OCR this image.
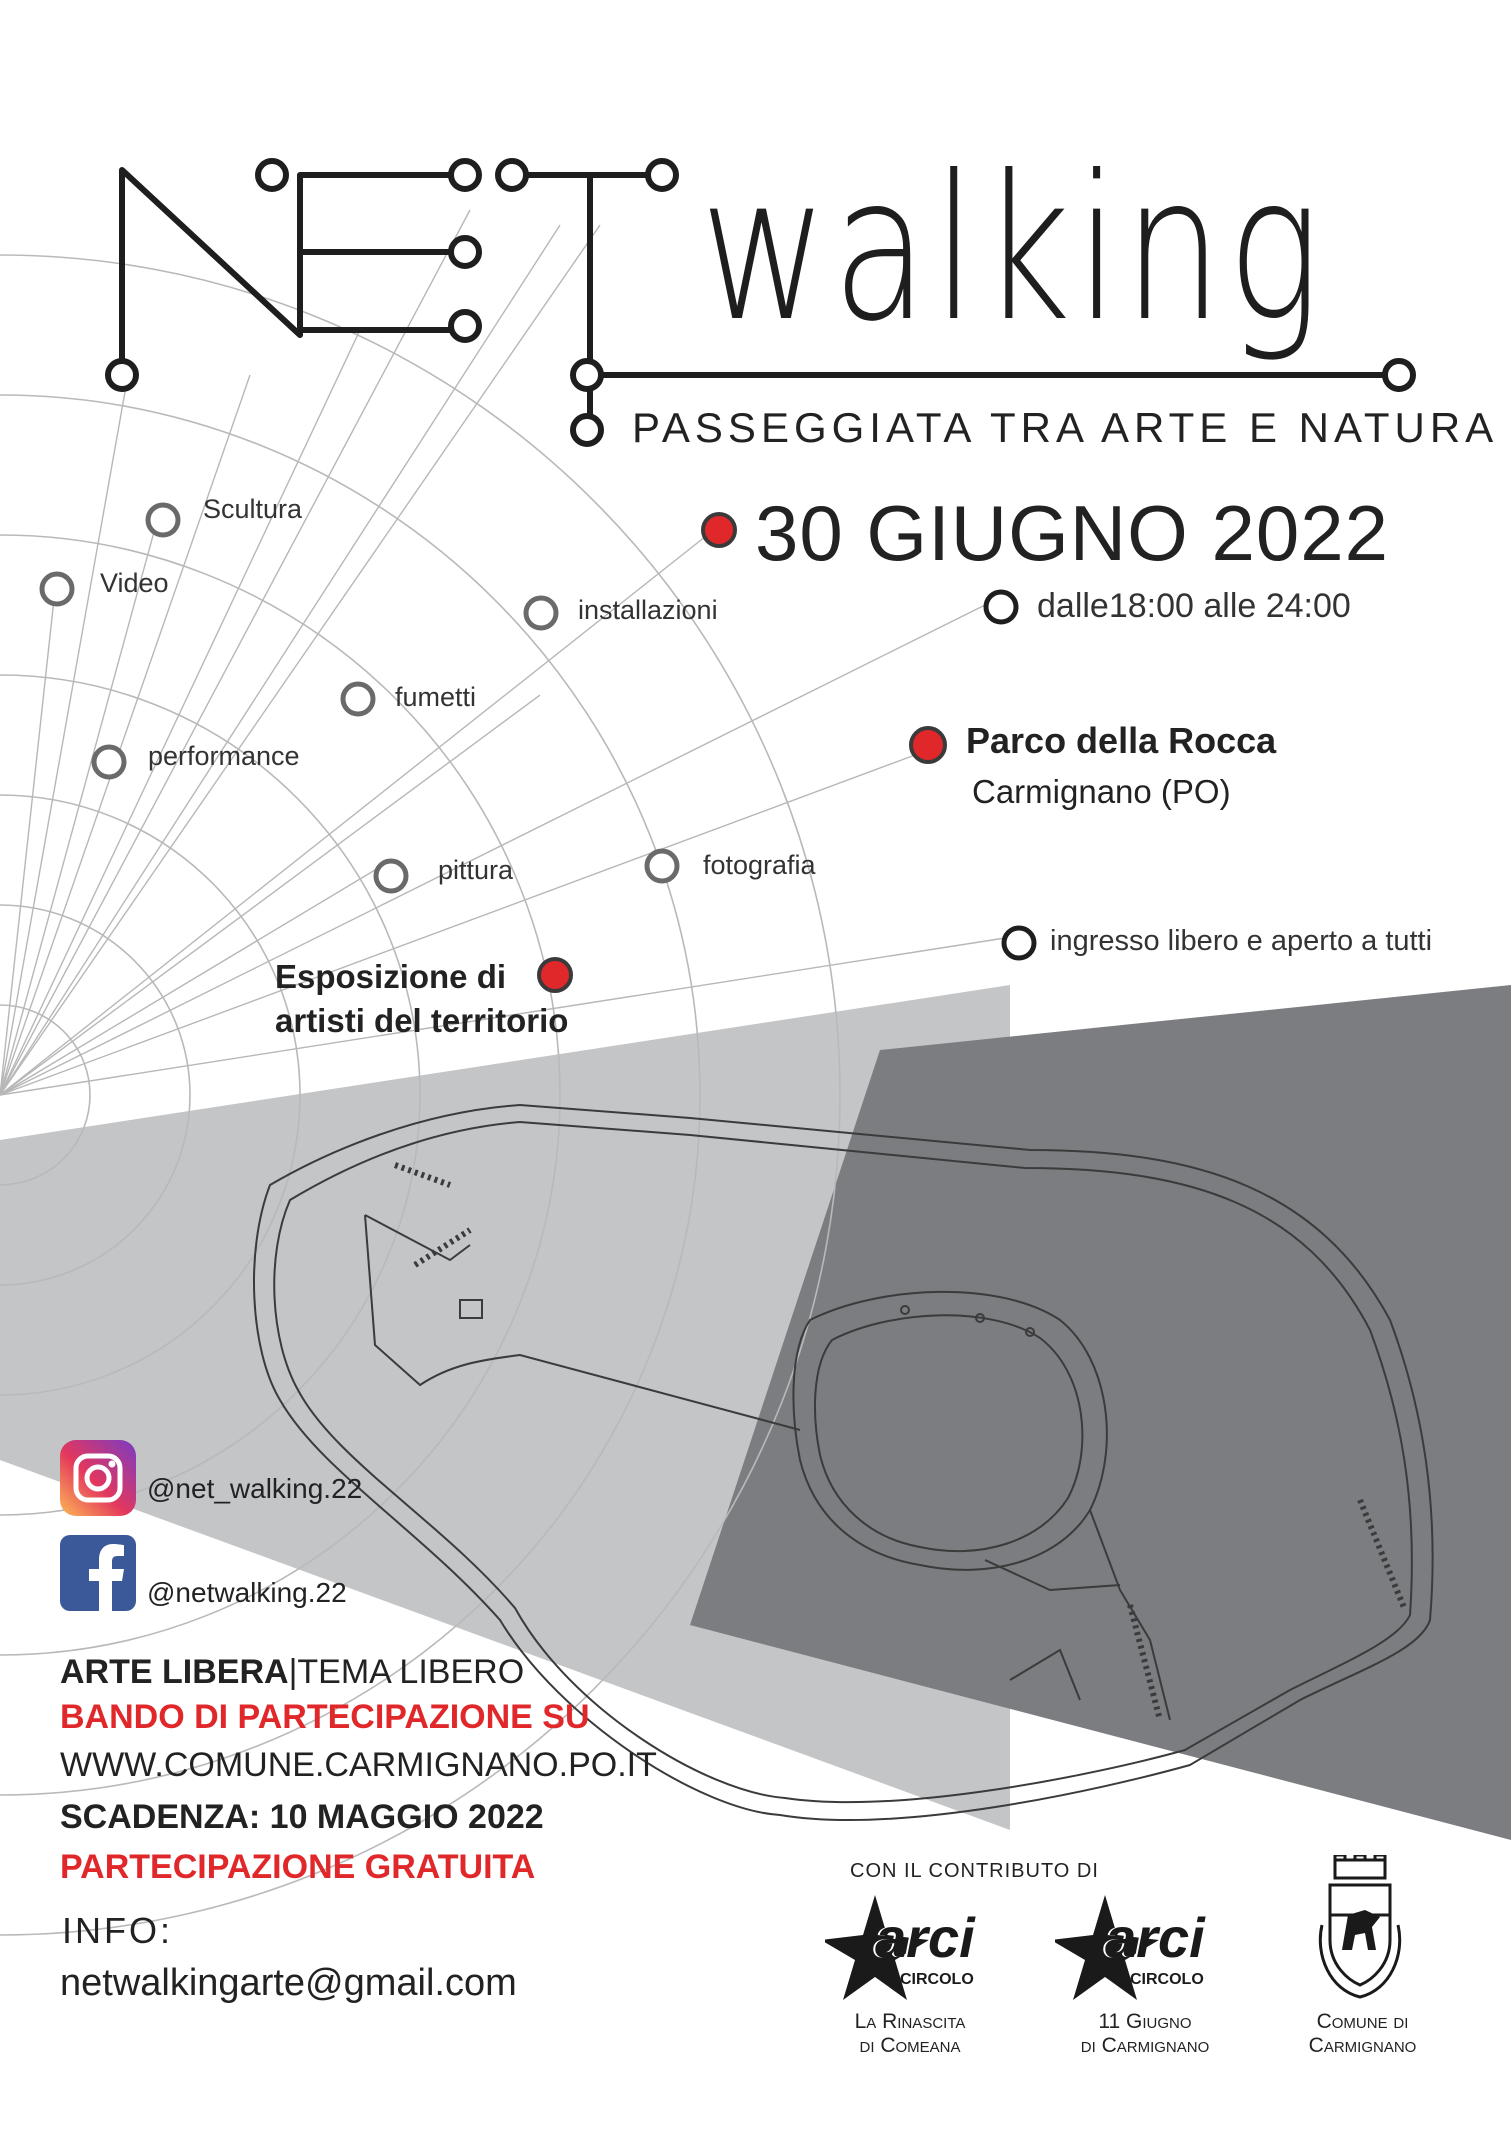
walking
PASSEGGIATA TRA ARTE E NATURA
30 GIUGNO 2022
dalle18:00 alle 24:00
Parco della Rocca
Carmignano (PO)
ingresso libero e aperto a tutti
Scultura
Video
installazioni
fumetti
performance
pittura	fotografia
Esposizione di
artisti del territorio
@net_walking.22
@netwalking.22
ARTE LIBERA|TEMA LIBERO
BANDO DI PARTECIPAZIONE SU
WWW.COMUNE.CARMIGNANO.PO.IT
SCADENZA: 10 MAGGIO 2022
PARTECIPAZIONE GRATUITA
INFO:
netwalkingarte@gmail.com
CON IL CONTRIBUTO DI
arci
CIRCOLO
La Rinascita
di Comeana
arci
CIRCOLO
11 Giugno
di Carmignano
Comune di
Carmignano
